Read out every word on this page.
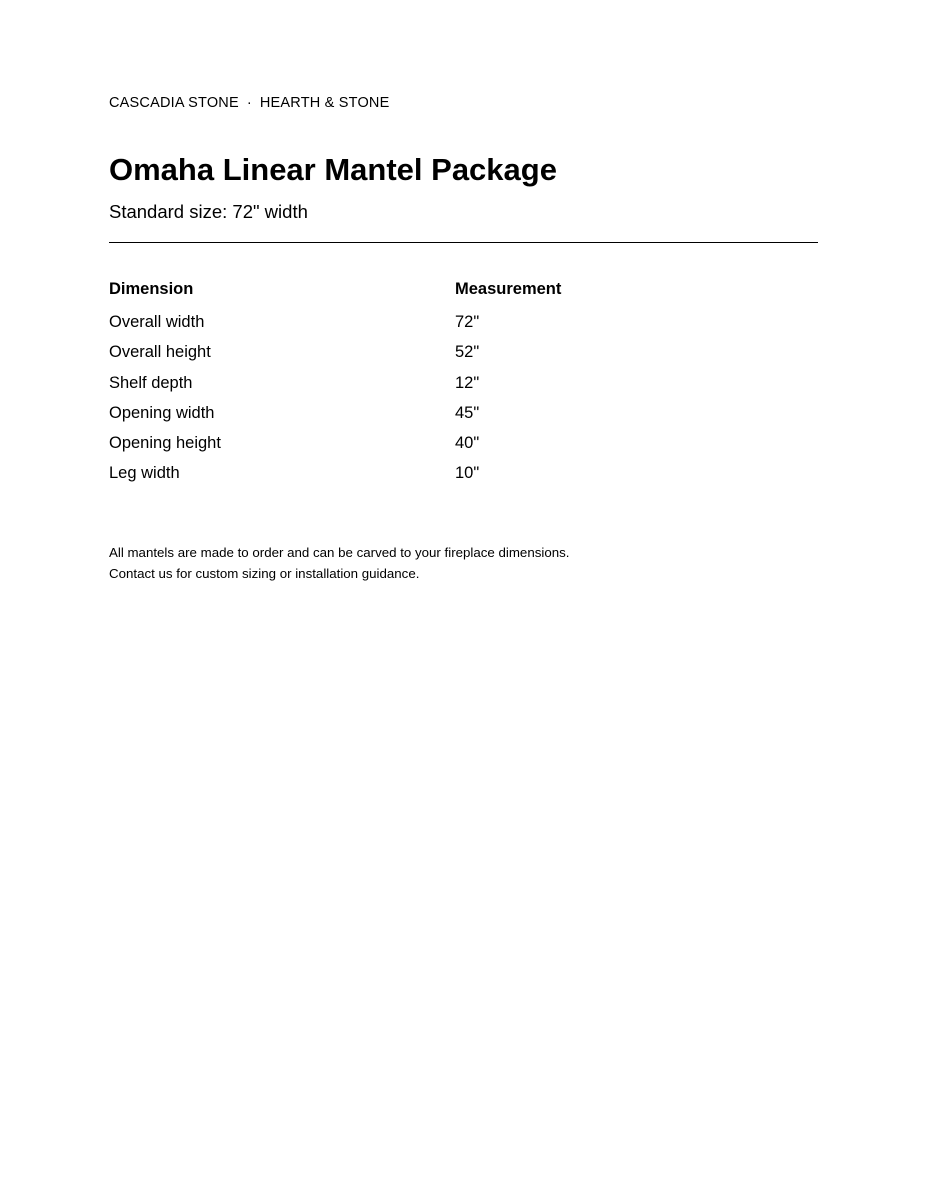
CASCADIA STONE · HEARTH & STONE
Omaha Linear Mantel Package
Standard size: 72" width
Dimension	Measurement
Overall width	72"
Overall height	52"
Shelf depth	12"
Opening width	45"
Opening height	40"
Leg width	10"
All mantels are made to order and can be carved to your fireplace dimensions.
Contact us for custom sizing or installation guidance.
